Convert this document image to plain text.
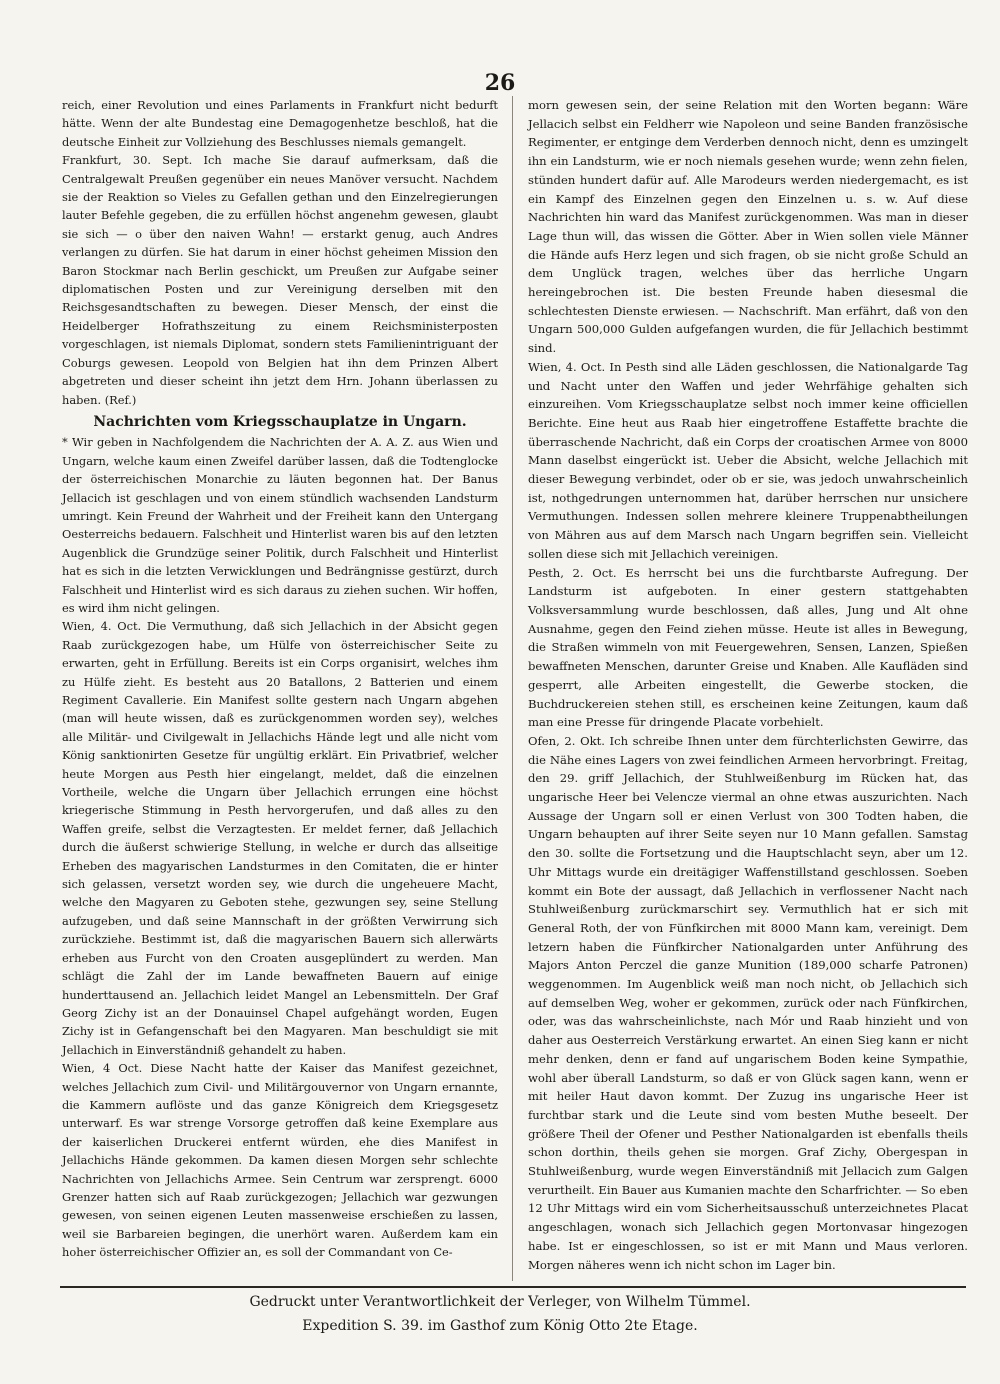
26

reich, einer Revolution und eines Parlaments in Frankfurt nicht bedurft hätte. Wenn der alte Bundestag eine Demagogenhetze beschloß, hat die deutsche Einheit zur Vollziehung des Beschlusses niemals gemangelt.

Frankfurt, 30. Sept. Ich mache Sie darauf aufmerksam, daß die Centralgewalt Preußen gegenüber ein neues Manöver versucht. Nachdem sie der Reaktion so Vieles zu Gefallen gethan und den Einzelregierungen lauter Befehle gegeben, die zu erfüllen höchst angenehm gewesen, glaubt sie sich — o über den naiven Wahn! — erstarkt genug, auch Andres verlangen zu dürfen. Sie hat darum in einer höchst geheimen Mission den Baron Stockmar nach Berlin geschickt, um Preußen zur Aufgabe seiner diplomatischen Posten und zur Vereinigung derselben mit den Reichsgesandtschaften zu bewegen. Dieser Mensch, der einst die Heidelberger Hofrathszeitung zu einem Reichsministerposten vorgeschlagen, ist niemals Diplomat, sondern stets Familienintriguant der Coburgs gewesen. Leopold von Belgien hat ihn dem Prinzen Albert abgetreten und dieser scheint ihn jetzt dem Hrn. Johann überlassen zu haben. (Ref.)

Nachrichten vom Kriegsschauplatze in Ungarn.

* Wir geben in Nachfolgendem die Nachrichten der A. A. Z. aus Wien und Ungarn, welche kaum einen Zweifel darüber lassen, daß die Todtenglocke der österreichischen Monarchie zu läuten begonnen hat. Der Banus Jellacich ist geschlagen und von einem stündlich wachsenden Landsturm umringt. Kein Freund der Wahrheit und der Freiheit kann den Untergang Oesterreichs bedauern. Falschheit und Hinterlist waren bis auf den letzten Augenblick die Grundzüge seiner Politik, durch Falschheit und Hinterlist hat es sich in die letzten Verwicklungen und Bedrängnisse gestürzt, durch Falschheit und Hinterlist wird es sich daraus zu ziehen suchen. Wir hoffen, es wird ihm nicht gelingen.

Wien, 4. Oct. Die Vermuthung, daß sich Jellachich in der Absicht gegen Raab zurückgezogen habe, um Hülfe von österreichischer Seite zu erwarten, geht in Erfüllung. Bereits ist ein Corps organisirt, welches ihm zu Hülfe zieht. Es besteht aus 20 Batallons, 2 Batterien und einem Regiment Cavallerie. Ein Manifest sollte gestern nach Ungarn abgehen (man will heute wissen, daß es zurückgenommen worden sey), welches alle Militär- und Civilgewalt in Jellachichs Hände legt und alle nicht vom König sanktionirten Gesetze für ungültig erklärt. Ein Privatbrief, welcher heute Morgen aus Pesth hier eingelangt, meldet, daß die einzelnen Vortheile, welche die Ungarn über Jellachich errungen eine höchst kriegerische Stimmung in Pesth hervorgerufen, und daß alles zu den Waffen greife, selbst die Verzagtesten. Er meldet ferner, daß Jellachich durch die äußerst schwierige Stellung, in welche er durch das allseitige Erheben des magyarischen Landsturmes in den Comitaten, die er hinter sich gelassen, versetzt worden sey, wie durch die ungeheuere Macht, welche den Magyaren zu Geboten stehe, gezwungen sey, seine Stellung aufzugeben, und daß seine Mannschaft in der größten Verwirrung sich zurückziehe. Bestimmt ist, daß die magyarischen Bauern sich allerwärts erheben aus Furcht von den Croaten ausgeplündert zu werden. Man schlägt die Zahl der im Lande bewaffneten Bauern auf einige hunderttausend an. Jellachich leidet Mangel an Lebensmitteln. Der Graf Georg Zichy ist an der Donauinsel Chapel aufgehängt worden, Eugen Zichy ist in Gefangenschaft bei den Magyaren. Man beschuldigt sie mit Jellachich in Einverständniß gehandelt zu haben.

Wien, 4 Oct. Diese Nacht hatte der Kaiser das Manifest gezeichnet, welches Jellachich zum Civil- und Militärgouvernor von Ungarn ernannte, die Kammern auflöste und das ganze Königreich dem Kriegsgesetz unterwarf. Es war strenge Vorsorge getroffen daß keine Exemplare aus der kaiserlichen Druckerei entfernt würden, ehe dies Manifest in Jellachichs Hände gekommen. Da kamen diesen Morgen sehr schlechte Nachrichten von Jellachichs Armee. Sein Centrum war zersprengt. 6000 Grenzer hatten sich auf Raab zurückgezogen; Jellachich war gezwungen gewesen, von seinen eigenen Leuten massenweise erschießen zu lassen, weil sie Barbareien begingen, die unerhört waren. Außerdem kam ein hoher österreichischer Offizier an, es soll der Commandant von Ce-

morn gewesen sein, der seine Relation mit den Worten begann: Wäre Jellacich selbst ein Feldherr wie Napoleon und seine Banden französische Regimenter, er entginge dem Verderben dennoch nicht, denn es umzingelt ihn ein Landsturm, wie er noch niemals gesehen wurde; wenn zehn fielen, stünden hundert dafür auf. Alle Marodeurs werden niedergemacht, es ist ein Kampf des Einzelnen gegen den Einzelnen u. s. w. Auf diese Nachrichten hin ward das Manifest zurückgenommen. Was man in dieser Lage thun will, das wissen die Götter. Aber in Wien sollen viele Männer die Hände aufs Herz legen und sich fragen, ob sie nicht große Schuld an dem Unglück tragen, welches über das herrliche Ungarn hereingebrochen ist. Die besten Freunde haben diesesmal die schlechtesten Dienste erwiesen. — Nachschrift. Man erfährt, daß von den Ungarn 500,000 Gulden aufgefangen wurden, die für Jellachich bestimmt sind.

Wien, 4. Oct. In Pesth sind alle Läden geschlossen, die Nationalgarde Tag und Nacht unter den Waffen und jeder Wehrfähige gehalten sich einzureihen. Vom Kriegsschauplatze selbst noch immer keine officiellen Berichte. Eine heut aus Raab hier eingetroffene Estaffette brachte die überraschende Nachricht, daß ein Corps der croatischen Armee von 8000 Mann daselbst eingerückt ist. Ueber die Absicht, welche Jellachich mit dieser Bewegung verbindet, oder ob er sie, was jedoch unwahrscheinlich ist, nothgedrungen unternommen hat, darüber herrschen nur unsichere Vermuthungen. Indessen sollen mehrere kleinere Truppenabtheilungen von Mähren aus auf dem Marsch nach Ungarn begriffen sein. Vielleicht sollen diese sich mit Jellachich vereinigen.

Pesth, 2. Oct. Es herrscht bei uns die furchtbarste Aufregung. Der Landsturm ist aufgeboten. In einer gestern stattgehabten Volksversammlung wurde beschlossen, daß alles, Jung und Alt ohne Ausnahme, gegen den Feind ziehen müsse. Heute ist alles in Bewegung, die Straßen wimmeln von mit Feuergewehren, Sensen, Lanzen, Spießen bewaffneten Menschen, darunter Greise und Knaben. Alle Kaufläden sind gesperrt, alle Arbeiten eingestellt, die Gewerbe stocken, die Buchdruckereien stehen still, es erscheinen keine Zeitungen, kaum daß man eine Presse für dringende Placate vorbehielt.

Ofen, 2. Okt. Ich schreibe Ihnen unter dem fürchterlichsten Gewirre, das die Nähe eines Lagers von zwei feindlichen Armeen hervorbringt. Freitag, den 29. griff Jellachich, der Stuhlweißenburg im Rücken hat, das ungarische Heer bei Velencze viermal an ohne etwas auszurichten. Nach Aussage der Ungarn soll er einen Verlust von 300 Todten haben, die Ungarn behaupten auf ihrer Seite seyen nur 10 Mann gefallen. Samstag den 30. sollte die Fortsetzung und die Hauptschlacht seyn, aber um 12. Uhr Mittags wurde ein dreitägiger Waffenstillstand geschlossen. Soeben kommt ein Bote der aussagt, daß Jellachich in verflossener Nacht nach Stuhlweißenburg zurückmarschirt sey. Vermuthlich hat er sich mit General Roth, der von Fünfkirchen mit 8000 Mann kam, vereinigt. Dem letzern haben die Fünfkircher Nationalgarden unter Anführung des Majors Anton Perczel die ganze Munition (189,000 scharfe Patronen) weggenommen. Im Augenblick weiß man noch nicht, ob Jellachich sich auf demselben Weg, woher er gekommen, zurück oder nach Fünfkirchen, oder, was das wahrscheinlichste, nach Mór und Raab hinzieht und von daher aus Oesterreich Verstärkung erwartet. An einen Sieg kann er nicht mehr denken, denn er fand auf ungarischem Boden keine Sympathie, wohl aber überall Landsturm, so daß er von Glück sagen kann, wenn er mit heiler Haut davon kommt. Der Zuzug ins ungarische Heer ist furchtbar stark und die Leute sind vom besten Muthe beseelt. Der größere Theil der Ofener und Pesther Nationalgarden ist ebenfalls theils schon dorthin, theils gehen sie morgen. Graf Zichy, Obergespan in Stuhlweißenburg, wurde wegen Einverständniß mit Jellacich zum Galgen verurtheilt. Ein Bauer aus Kumanien machte den Scharfrichter. — So eben 12 Uhr Mittags wird ein vom Sicherheitsausschuß unterzeichnetes Placat angeschlagen, wonach sich Jellachich gegen Mortonvasar hingezogen habe. Ist er eingeschlossen, so ist er mit Mann und Maus verloren. Morgen näheres wenn ich nicht schon im Lager bin.

Gedruckt unter Verantwortlichkeit der Verleger, von Wilhelm Tümmel.
Expedition S. 39. im Gasthof zum König Otto 2te Etage.
